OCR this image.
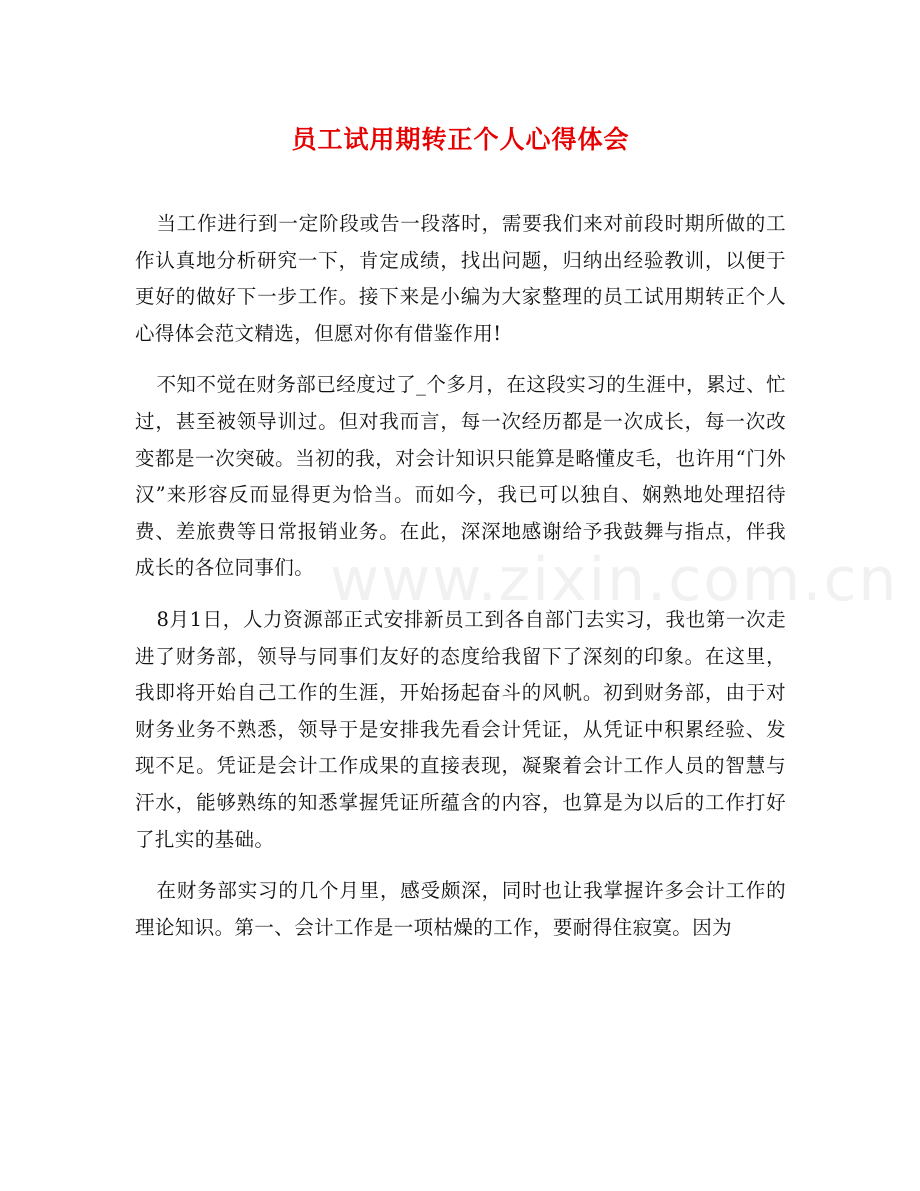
员工试用期转正个人心得体会

当工作进行到一定阶段或告一段落时，需要我们来对前段时期所做的工作认真地分析研究一下，肯定成绩，找出问题，归纳出经验教训，以便于更好的做好下一步工作。接下来是小编为大家整理的员工试用期转正个人心得体会范文精选，但愿对你有借鉴作用!

不知不觉在财务部已经度过了_个多月，在这段实习的生涯中，累过、忙过，甚至被领导训过。但对我而言，每一次经历都是一次成长，每一次改变都是一次突破。当初的我，对会计知识只能算是略懂皮毛，也许用“门外汉”来形容反而显得更为恰当。而如今，我已可以独自、娴熟地处理招待费、差旅费等日常报销业务。在此，深深地感谢给予我鼓舞与指点，伴我成长的各位同事们。

8月1日，人力资源部正式安排新员工到各自部门去实习，我也第一次走进了财务部，领导与同事们友好的态度给我留下了深刻的印象。在这里，我即将开始自己工作的生涯，开始扬起奋斗的风帆。初到财务部，由于对财务业务不熟悉，领导于是安排我先看会计凭证，从凭证中积累经验、发现不足。凭证是会计工作成果的直接表现，凝聚着会计工作人员的智慧与汗水，能够熟练的知悉掌握凭证所蕴含的内容，也算是为以后的工作打好了扎实的基础。

在财务部实习的几个月里，感受颇深，同时也让我掌握许多会计工作的理论知识。第一、会计工作是一项枯燥的工作，要耐得住寂寞。因为

www.zixin.com.cn
